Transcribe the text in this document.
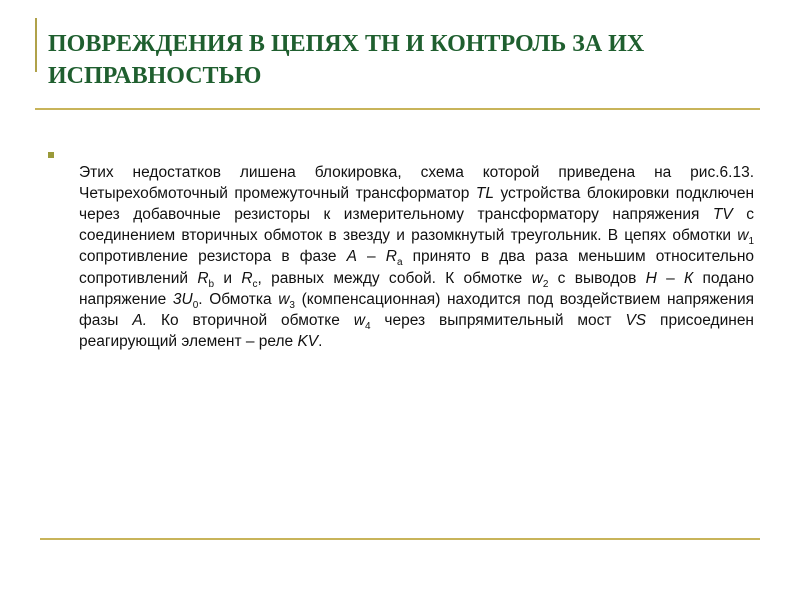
ПОВРЕЖДЕНИЯ В ЦЕПЯХ ТН И КОНТРОЛЬ ЗА ИХ ИСПРАВНОСТЬЮ

Этих недостатков лишена блокировка, схема которой приведена на рис.6.13. Четырехобмоточный промежуточный трансформатор TL устройства блокировки подключен через добавочные резисторы к измерительному трансформатору напряжения TV с соединением вторичных обмоток в звезду и разомкнутый треугольник. В цепях обмотки $w_1$ сопротивление резистора в фазе A – $R_a$ принято в два раза меньшим относительно сопротивлений $R_b$ и $R_c$, равных между собой. К обмотке $w_2$ с выводов Н – К подано напряжение $3U_0$. Обмотка $w_3$ (компенсационная) находится под воздействием напряжения фазы А. Ко вторичной обмотке $w_4$ через выпрямительный мост VS присоединен реагирующий элемент – реле KV.
